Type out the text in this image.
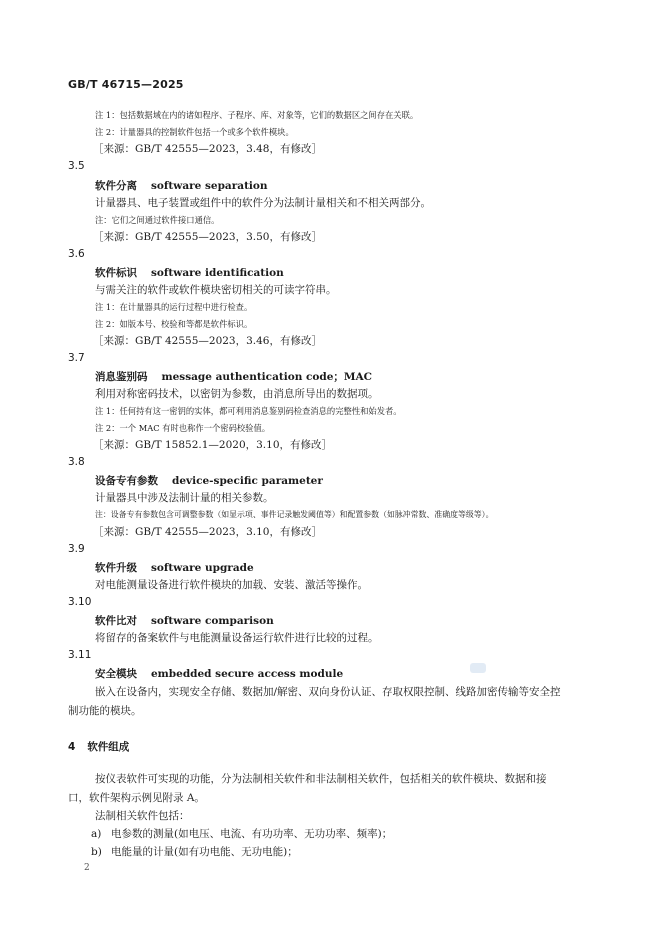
GB/T 46715—2025
注 1：包括数据域在内的诸如程序、子程序、库、对象等，它们的数据区之间存在关联。
注 2：计量器具的控制软件包括一个或多个软件模块。
［来源：GB/T 42555—2023，3.48，有修改］
3.5
软件分离 software separation
计量器具、电子装置或组件中的软件分为法制计量相关和不相关两部分。
注：它们之间通过软件接口通信。
［来源：GB/T 42555—2023，3.50，有修改］
3.6
软件标识 software identification
与需关注的软件或软件模块密切相关的可读字符串。
注 1：在计量器具的运行过程中进行检查。
注 2：如版本号、校验和等都是软件标识。
［来源：GB/T 42555—2023，3.46，有修改］
3.7
消息鉴别码 message authentication code；MAC
利用对称密码技术，以密钥为参数，由消息所导出的数据项。
注 1：任何持有这一密钥的实体，都可利用消息鉴别码检查消息的完整性和始发者。
注 2：一个 MAC 有时也称作一个密码校验值。
［来源：GB/T 15852.1—2020，3.10，有修改］
3.8
设备专有参数 device-specific parameter
计量器具中涉及法制计量的相关参数。
注：设备专有参数包含可调整参数（如显示项、事件记录触发阈值等）和配置参数（如脉冲常数、准确度等级等）。
［来源：GB/T 42555—2023，3.10，有修改］
3.9
软件升级 software upgrade
对电能测量设备进行软件模块的加载、安装、激活等操作。
3.10
软件比对 software comparison
将留存的备案软件与电能测量设备运行软件进行比较的过程。
3.11
安全模块 embedded secure access module
嵌入在设备内，实现安全存储、数据加/解密、双向身份认证、存取权限控制、线路加密传输等安全控
制功能的模块。
4 软件组成
按仪表软件可实现的功能，分为法制相关软件和非法制相关软件，包括相关的软件模块、数据和接
口，软件架构示例见附录 A。
法制相关软件包括：
a) 电参数的测量(如电压、电流、有功功率、无功功率、频率)；
b) 电能量的计量(如有功电能、无功电能)；
2
